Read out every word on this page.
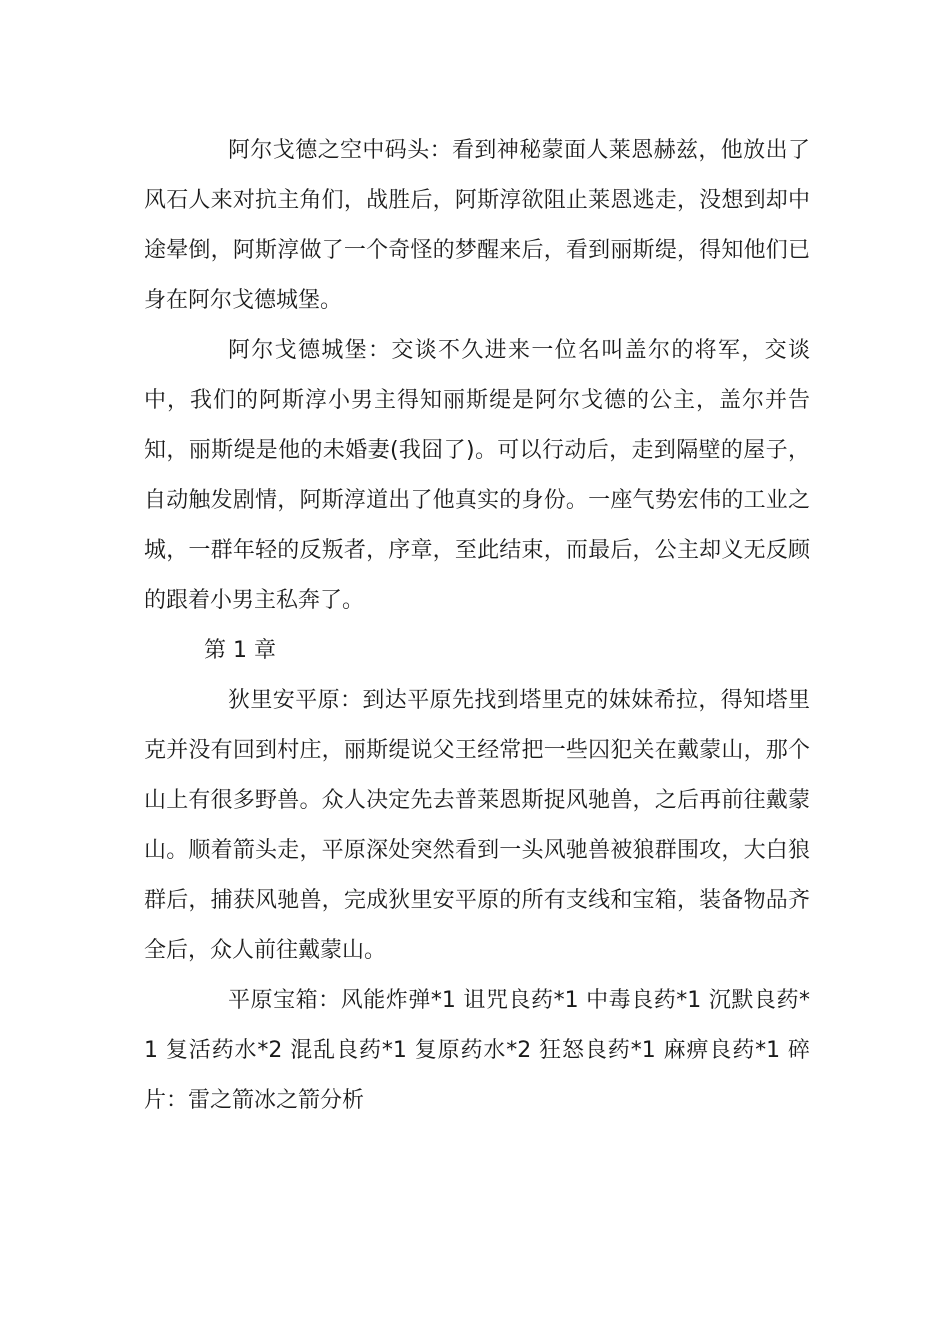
阿尔戈德之空中码头：看到神秘蒙面人莱恩赫兹，他放出了风石人来对抗主角们，战胜后，阿斯淳欲阻止莱恩逃走，没想到却中途晕倒，阿斯淳做了一个奇怪的梦醒来后，看到丽斯缇，得知他们已身在阿尔戈德城堡。

阿尔戈德城堡：交谈不久进来一位名叫盖尔的将军，交谈中，我们的阿斯淳小男主得知丽斯缇是阿尔戈德的公主，盖尔并告知，丽斯缇是他的未婚妻(我囧了)。可以行动后，走到隔壁的屋子，自动触发剧情，阿斯淳道出了他真实的身份。一座气势宏伟的工业之城，一群年轻的反叛者，序章，至此结束，而最后，公主却义无反顾的跟着小男主私奔了。

第 1 章

狄里安平原：到达平原先找到塔里克的妹妹希拉，得知塔里克并没有回到村庄，丽斯缇说父王经常把一些囚犯关在戴蒙山，那个山上有很多野兽。众人决定先去普莱恩斯捉风驰兽，之后再前往戴蒙山。顺着箭头走，平原深处突然看到一头风驰兽被狼群围攻，大白狼群后，捕获风驰兽，完成狄里安平原的所有支线和宝箱，装备物品齐全后，众人前往戴蒙山。

平原宝箱：风能炸弹*1 诅咒良药*1 中毒良药*1 沉默良药*1 复活药水*2 混乱良药*1 复原药水*2 狂怒良药*1 麻痹良药*1 碎片：雷之箭冰之箭分析
